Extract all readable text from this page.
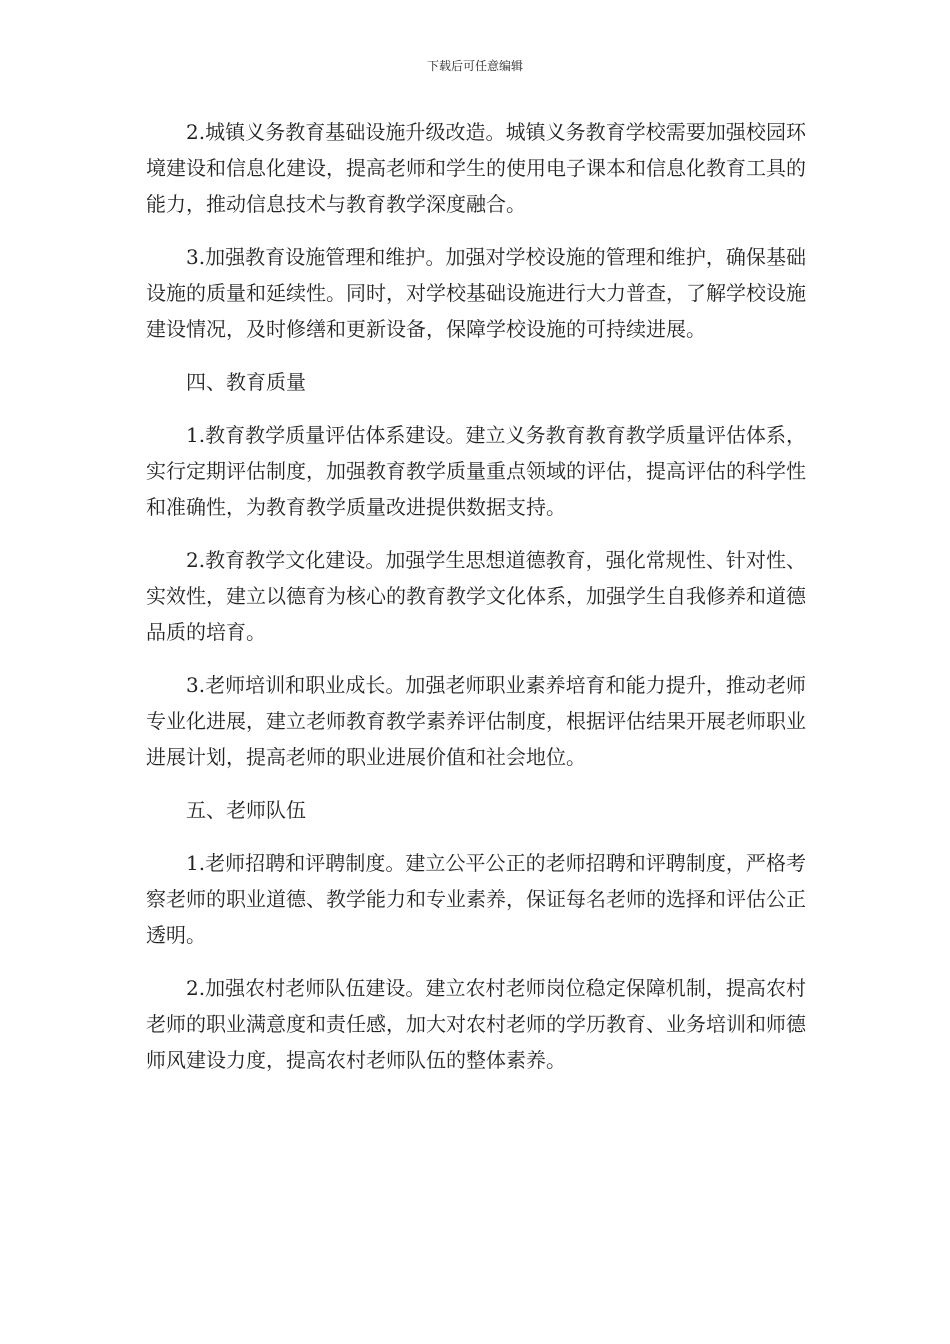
下载后可任意编辑

2.城镇义务教育基础设施升级改造。城镇义务教育学校需要加强校园环境建设和信息化建设，提高老师和学生的使用电子课本和信息化教育工具的能力，推动信息技术与教育教学深度融合。

3.加强教育设施管理和维护。加强对学校设施的管理和维护，确保基础设施的质量和延续性。同时，对学校基础设施进行大力普查，了解学校设施建设情况，及时修缮和更新设备，保障学校设施的可持续进展。

四、教育质量

1.教育教学质量评估体系建设。建立义务教育教育教学质量评估体系，实行定期评估制度，加强教育教学质量重点领域的评估，提高评估的科学性和准确性，为教育教学质量改进提供数据支持。

2.教育教学文化建设。加强学生思想道德教育，强化常规性、针对性、实效性，建立以德育为核心的教育教学文化体系，加强学生自我修养和道德品质的培育。

3.老师培训和职业成长。加强老师职业素养培育和能力提升，推动老师专业化进展，建立老师教育教学素养评估制度，根据评估结果开展老师职业进展计划，提高老师的职业进展价值和社会地位。

五、老师队伍

1.老师招聘和评聘制度。建立公平公正的老师招聘和评聘制度，严格考察老师的职业道德、教学能力和专业素养，保证每名老师的选择和评估公正透明。

2.加强农村老师队伍建设。建立农村老师岗位稳定保障机制，提高农村老师的职业满意度和责任感，加大对农村老师的学历教育、业务培训和师德师风建设力度，提高农村老师队伍的整体素养。
